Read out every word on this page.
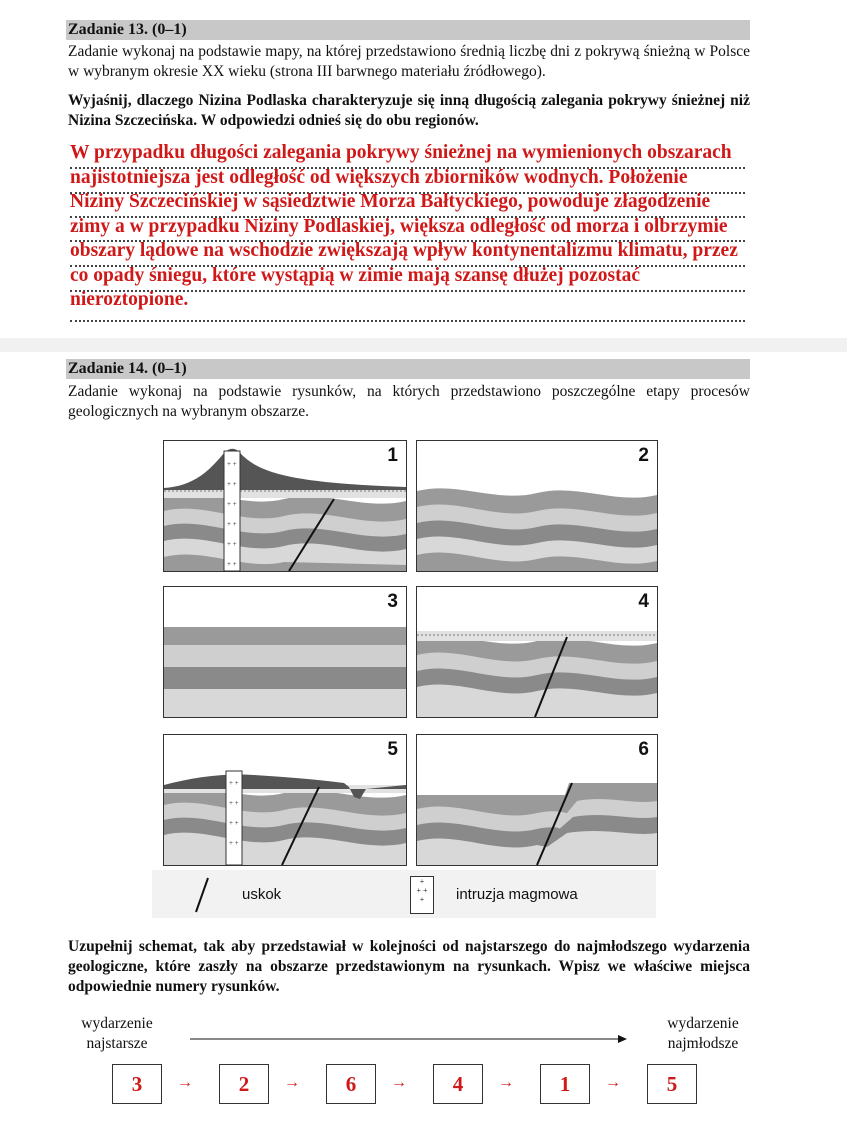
Zadanie 13. (0–1)
Zadanie wykonaj na podstawie mapy, na której przedstawiono średnią liczbę dni z pokrywą śnieżną w Polsce w wybranym okresie XX wieku (strona III barwnego materiału źródłowego).
Wyjaśnij, dlaczego Nizina Podlaska charakteryzuje się inną długością zalegania pokrywy śnieżnej niż Nizina Szczecińska. W odpowiedzi odnieś się do obu regionów.
W przypadku długości zalegania pokrywy śnieżnej na wymienionych obszarach
najistotniejsza jest odległość od większych zbiorników wodnych. Położenie
Niziny Szczecińskiej w sąsiedztwie Morza Bałtyckiego, powoduje złagodzenie
zimy a w przypadku Niziny Podlaskiej, większa odległość od morza i olbrzymie
obszary lądowe na wschodzie zwiększają wpływ kontynentalizmu klimatu, przez
co opady śniegu, które wystąpią w zimie mają szansę dłużej pozostać
nieroztopione.
Zadanie 14. (0–1)
Zadanie wykonaj na podstawie rysunków, na których przedstawiono poszczególne etapy procesów geologicznych na wybranym obszarze.
+ +
+ +
+ +
+ +
+ +
+ +
1	2
3	4
+ +
+ +
+ +
+ +
5	6
uskok
+
+ +
+	intruzja magmowa
Uzupełnij schemat, tak aby przedstawiał w kolejności od najstarszego do najmłodszego wydarzenia geologiczne, które zaszły na obszarze przedstawionym na rysunkach. Wpisz we właściwe miejsca odpowiednie numery rysunków.
wydarzenie
najstarsze
wydarzenie
najmłodsze
3	→	2	→	6	→	4	→	1	→	5
